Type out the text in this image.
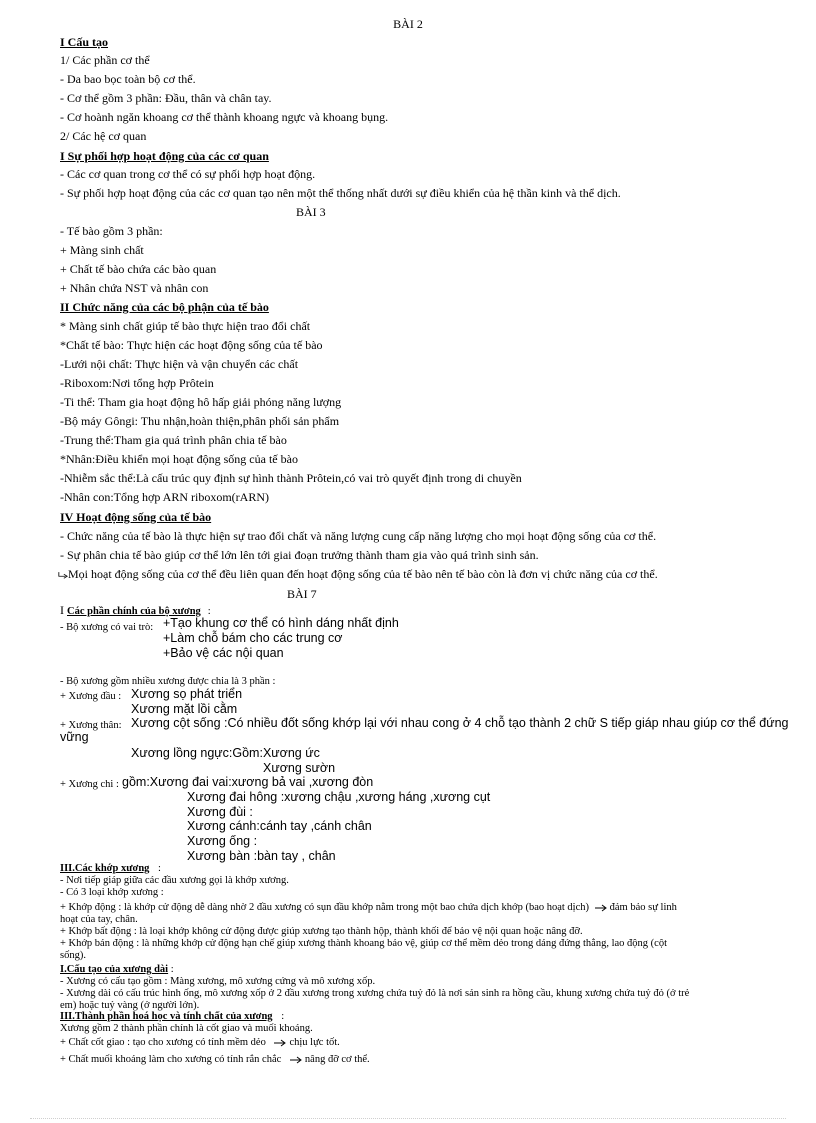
BÀI 2
I Cấu tạo
1/ Các phần cơ thể
- Da bao bọc toàn bộ cơ thể.
- Cơ thể gồm 3 phần: Đầu, thân và chân tay.
- Cơ hoành ngăn khoang cơ thể thành khoang ngực và khoang bụng.
2/ Các hệ cơ quan
I Sự phối hợp hoạt động của các cơ quan
- Các cơ quan trong cơ thể có sự phối hợp hoạt động.
- Sự phối hợp hoạt động của các cơ quan tạo nên một thể thống nhất dưới sự điều khiển của hệ thần kinh và thể dịch.
BÀI 3
- Tế bào gồm 3 phần:
+ Màng sinh chất
+ Chất tế bào chứa các bào quan
+ Nhân chứa NST và nhân con
II Chức năng của các bộ phận của tế bào
* Màng sinh chất giúp tế bào thực hiện trao đổi chất
*Chất tế bào: Thực hiện các hoạt động sống của tế bào
-Lưới nội chất: Thực hiện và vận chuyển các chất
-Riboxom:Nơi tổng hợp Prôtein
-Ti thể: Tham gia hoạt động hô hấp giải phóng năng lượng
-Bộ máy Gôngi: Thu nhận,hoàn thiện,phân phối sản phẩm
-Trung thể:Tham gia quá trình phân chia tế bào
*Nhân:Điều khiển mọi hoạt động sống của tế bào
-Nhiễm sắc thể:Là cấu trúc quy định sự hình thành Prôtein,có vai trò quyết định trong di chuyền
-Nhân con:Tổng hợp ARN riboxom(rARN)
IV Hoạt động sống của tế bào
- Chức năng của tế bào là thực hiện sự trao đổi chất và năng lượng cung cấp năng lượng cho mọi hoạt động sống của cơ thể.
- Sự phân chia tế bào giúp cơ thể lớn lên tới giai đoạn trưởng thành tham gia vào quá trình sinh sản.
Mọi hoạt động sống của cơ thể đều liên quan đến hoạt động sống của tế bào nên tế bào còn là đơn vị chức năng của cơ thể.
BÀI 7
I Các phần chính của bộ xương :
- Bộ xương có vai trò: +Tạo khung cơ thể có hình dáng nhất định
+Làm chỗ bám cho các trung cơ
+Bảo vệ các nội quan
- Bộ xương gồm nhiều xương được chia là 3 phần :
+ Xương đầu : Xương sọ phát triển
Xương mặt lồi cằm
+ Xương thân: Xương cột sống :Có nhiều đốt sống khớp lại với nhau cong ở 4 chỗ tạo thành 2 chữ S tiếp giáp nhau giúp cơ thể đứng
vững
Xương lồng ngực:Gồm:Xương ức
Xương sườn
+ Xương chi : gồm:Xương đai vai:xương bả vai ,xương đòn
Xương đai hông :xương chậu ,xương háng ,xương cụt
Xương đùi :
Xương cánh:cánh tay ,cánh chân
Xương ống :
Xương bàn :bàn tay , chân
III.Các khớp xương :
- Nơi tiếp giáp giữa các đầu xương gọi là khớp xương.
- Có 3 loại khớp xương :
+ Khớp động : là khớp cử động dễ dàng nhờ 2 đầu xương có sụn đầu khớp nằm trong một bao chứa dịch khớp (bao hoạt dịch) đảm bảo sự linh
hoạt của tay, chân.
+ Khớp bất động : là loại khớp không cử động được giúp xương tạo thành hộp, thành khối để bảo vệ nội quan hoặc nâng đỡ.
+ Khớp bán động : là những khớp cử động hạn chế giúp xương thành khoang bảo vệ, giúp cơ thể mềm dẻo trong dáng đứng thẳng, lao động (cột
sống).
I.Cấu tạo của xương dài :
- Xương có cấu tạo gồm : Màng xương, mô xương cứng và mô xương xốp.
- Xương dài có cấu trúc hình ống, mô xương xốp ở 2 đầu xương trong xương chứa tuỷ đỏ là nơi sản sinh ra hồng cầu, khung xương chứa tuỷ đỏ (ở trẻ
em) hoặc tuỷ vàng (ở người lớn).
III.Thành phần hoá học và tính chất của xương :
Xương gồm 2 thành phần chính là cốt giao và muối khoáng.
+ Chất cốt giao : tạo cho xương có tính mềm dẻo chịu lực tốt.
+ Chất muối khoáng làm cho xương có tính rắn chắc nâng đỡ cơ thể.
